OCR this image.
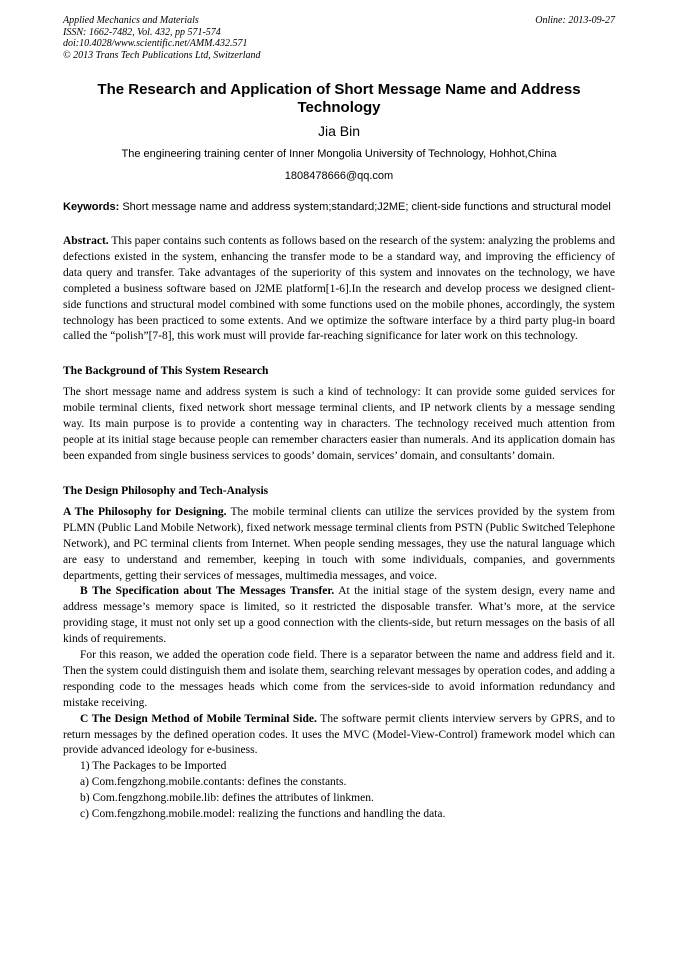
Applied Mechanics and Materials
ISSN: 1662-7482, Vol. 432, pp 571-574
doi:10.4028/www.scientific.net/AMM.432.571
© 2013 Trans Tech Publications Ltd, Switzerland
Online: 2013-09-27
The Research and Application of Short Message Name and Address Technology
Jia Bin
The engineering training center of Inner Mongolia University of Technology, Hohhot,China
1808478666@qq.com

Keywords: Short message name and address system;standard;J2ME; client-side functions and structural model

Abstract. This paper contains such contents as follows based on the research of the system: analyzing the problems and defections existed in the system, enhancing the transfer mode to be a standard way, and improving the efficiency of data query and transfer. Take advantages of the superiority of this system and innovates on the technology, we have completed a business software based on J2ME platform[1-6].In the research and develop process we designed client-side functions and structural model combined with some functions used on the mobile phones, accordingly, the system technology has been practiced to some extents. And we optimize the software interface by a third party plug-in board called the “polish”[7-8], this work must will provide far-reaching significance for later work on this technology.

The Background of This System Research

The short message name and address system is such a kind of technology: It can provide some guided services for mobile terminal clients, fixed network short message terminal clients, and IP network clients by a message sending way. Its main purpose is to provide a contenting way in characters. The technology received much attention from people at its initial stage because people can remember characters easier than numerals. And its application domain has been expanded from single business services to goods’ domain, services’ domain, and consultants’ domain.

The Design Philosophy and Tech-Analysis

A The Philosophy for Designing. The mobile terminal clients can utilize the services provided by the system from PLMN (Public Land Mobile Network), fixed network message terminal clients from PSTN (Public Switched Telephone Network), and PC terminal clients from Internet. When people sending messages, they use the natural language which are easy to understand and remember, keeping in touch with some individuals, companies, and governments departments, getting their services of messages, multimedia messages, and voice.

B The Specification about The Messages Transfer. At the initial stage of the system design, every name and address message’s memory space is limited, so it restricted the disposable transfer. What’s more, at the service providing stage, it must not only set up a good connection with the clients-side, but return messages on the basis of all kinds of requirements.

For this reason, we added the operation code field. There is a separator between the name and address field and it. Then the system could distinguish them and isolate them, searching relevant messages by operation codes, and adding a responding code to the messages heads which come from the services-side to avoid information redundancy and mistake receiving.

C The Design Method of Mobile Terminal Side. The software permit clients interview servers by GPRS, and to return messages by the defined operation codes. It uses the MVC (Model-View-Control) framework model which can provide advanced ideology for e-business.

1) The Packages to be Imported

a) Com.fengzhong.mobile.contants: defines the constants.

b) Com.fengzhong.mobile.lib: defines the attributes of linkmen.

c) Com.fengzhong.mobile.model: realizing the functions and handling the data.
